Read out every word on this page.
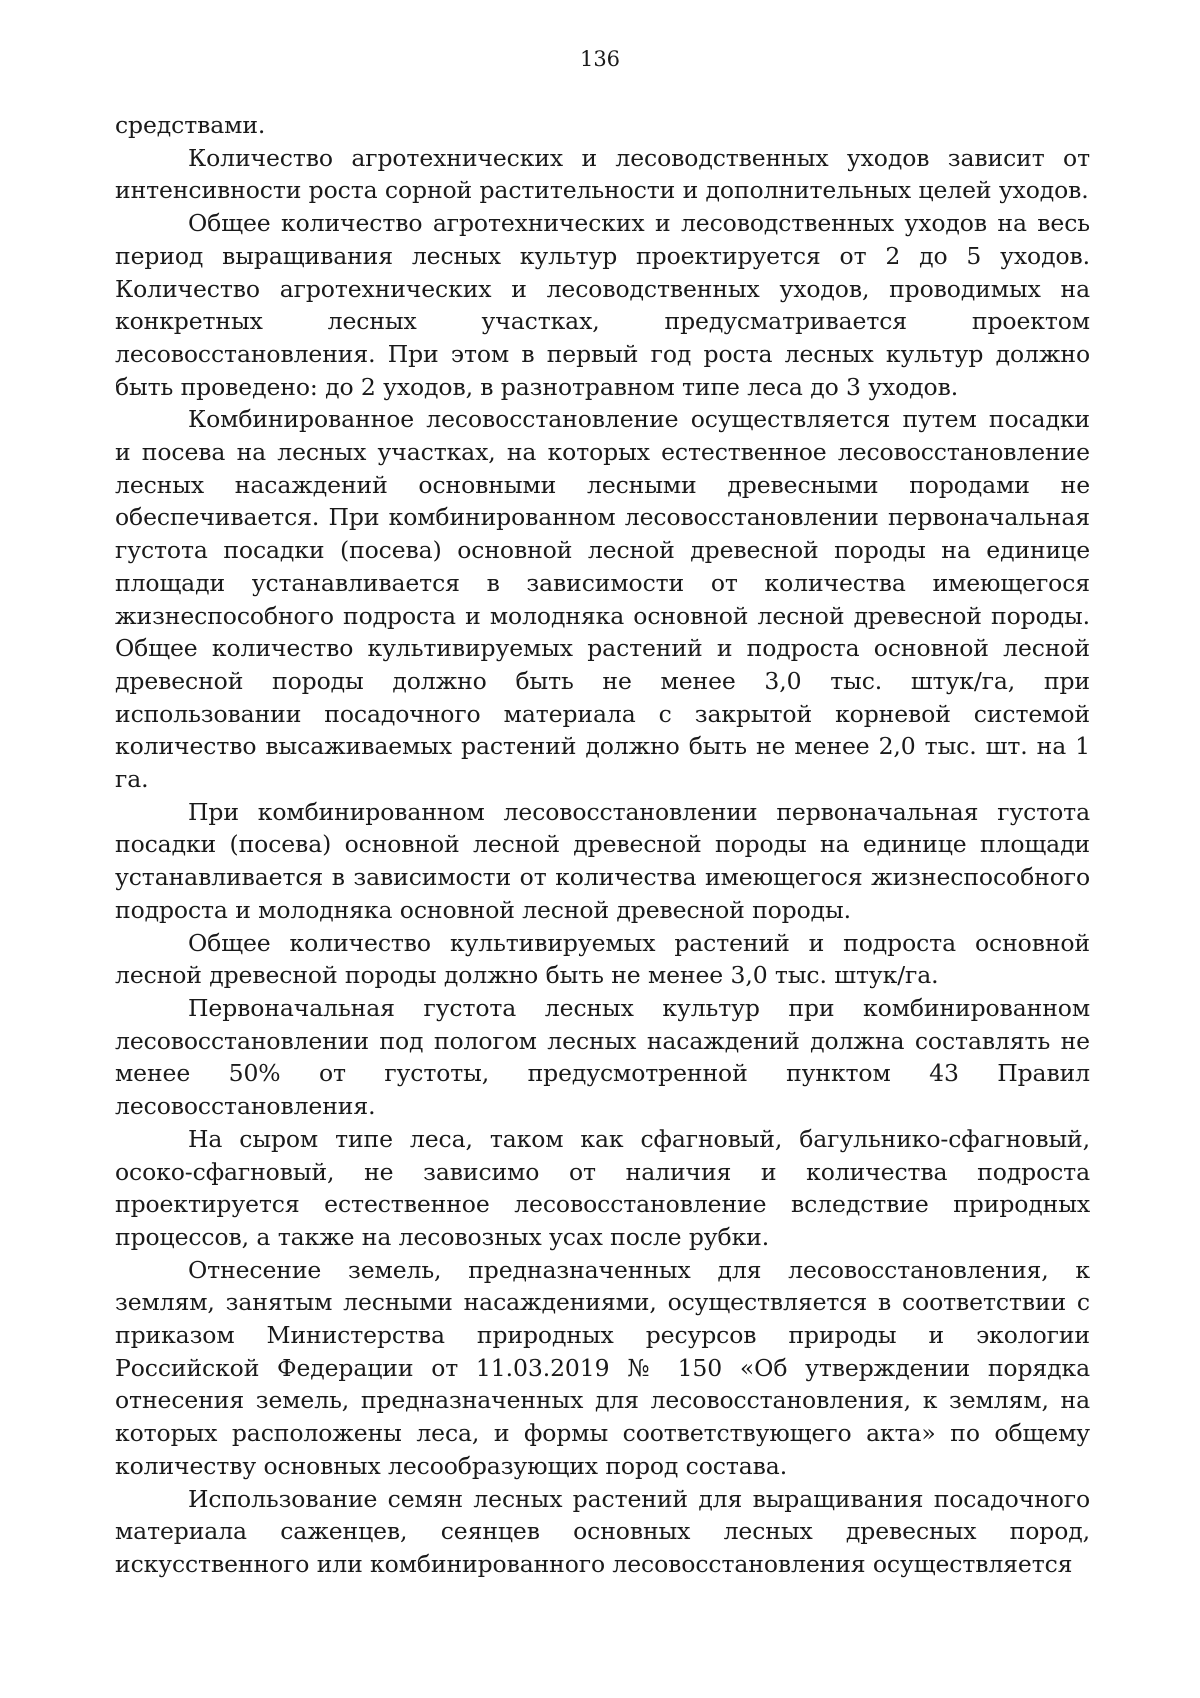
136

средствами.

Количество агротехнических и лесоводственных уходов зависит от интенсивности роста сорной растительности и дополнительных целей уходов.

Общее количество агротехнических и лесоводственных уходов на весь период выращивания лесных культур проектируется от 2 до 5 уходов. Количество агротехнических и лесоводственных уходов, проводимых на конкретных лесных участках, предусматривается проектом лесовосстановления. При этом в первый год роста лесных культур должно быть проведено: до 2 уходов, в разнотравном типе леса до 3 уходов.

Комбинированное лесовосстановление осуществляется путем посадки и посева на лесных участках, на которых естественное лесовосстановление лесных насаждений основными лесными древесными породами не обеспечивается. При комбинированном лесовосстановлении первоначальная густота посадки (посева) основной лесной древесной породы на единице площади устанавливается в зависимости от количества имеющегося жизнеспособного подроста и молодняка основной лесной древесной породы. Общее количество культивируемых растений и подроста основной лесной древесной породы должно быть не менее 3,0 тыс. штук/га, при использовании посадочного материала с закрытой корневой системой количество высаживаемых растений должно быть не менее 2,0 тыс. шт. на 1 га.

При комбинированном лесовосстановлении первоначальная густота посадки (посева) основной лесной древесной породы на единице площади устанавливается в зависимости от количества имеющегося жизнеспособного подроста и молодняка основной лесной древесной породы.

Общее количество культивируемых растений и подроста основной лесной древесной породы должно быть не менее 3,0 тыс. штук/га.

Первоначальная густота лесных культур при комбинированном лесовосстановлении под пологом лесных насаждений должна составлять не менее 50% от густоты, предусмотренной пунктом 43 Правил лесовосстановления.

На сыром типе леса, таком как сфагновый, багульнико-сфагновый, осоко-сфагновый, не зависимо от наличия и количества подроста проектируется естественное лесовосстановление вследствие природных процессов, а также на лесовозных усах после рубки.

Отнесение земель, предназначенных для лесовосстановления, к землям, занятым лесными насаждениями, осуществляется в соответствии с приказом Министерства природных ресурсов природы и экологии Российской Федерации от 11.03.2019 № 150 «Об утверждении порядка отнесения земель, предназначенных для лесовосстановления, к землям, на которых расположены леса, и формы соответствующего акта» по общему количеству основных лесообразующих пород состава.

Использование семян лесных растений для выращивания посадочного материала саженцев, сеянцев основных лесных древесных пород, искусственного или комбинированного лесовосстановления осуществляется
